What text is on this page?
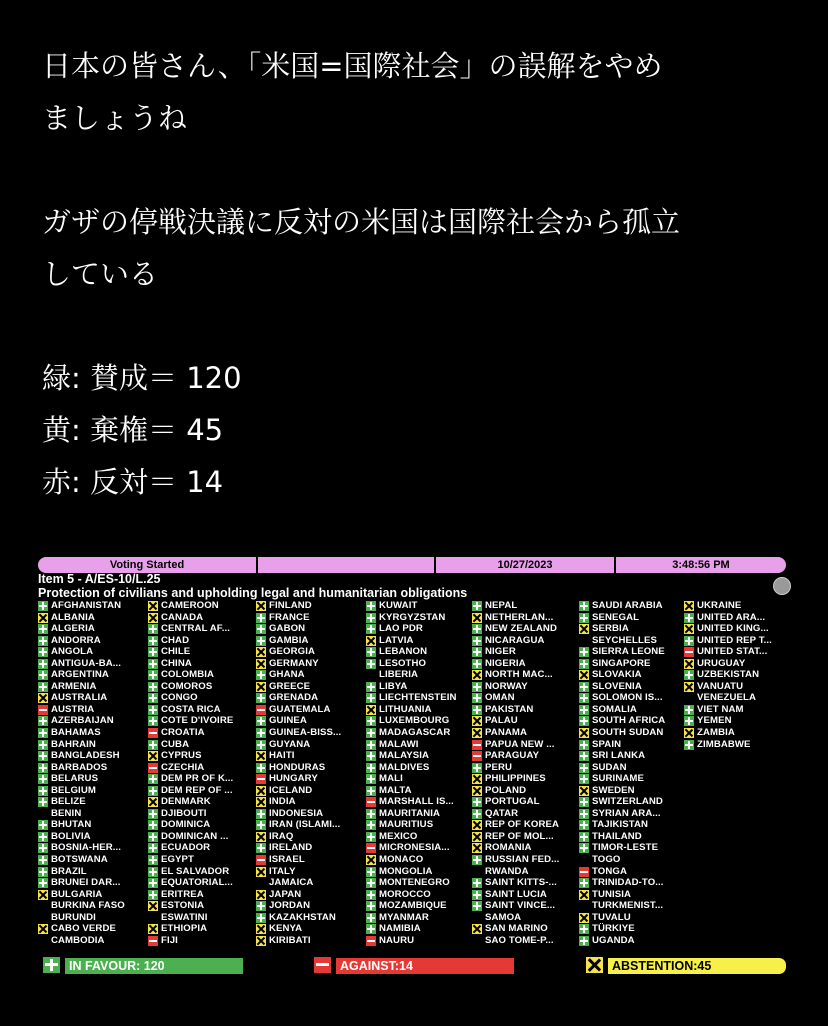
日本の皆さん、「米国=国際社会」の誤解をやめ

ましょうね

ガザの停戦決議に反対の米国は国際社会から孤立

している

緑: 賛成＝ 120

黄: 棄権＝ 45

赤: 反対＝ 14

Voting Started	10/27/2023	3:48:56 PM
Item 5 - A/ES-10/L.25
Protection of civilians and upholding legal and humanitarian obligations
AFGHANISTAN
ALBANIA
ALGERIA
ANDORRA
ANGOLA
ANTIGUA-BA...
ARGENTINA
ARMENIA
AUSTRALIA
AUSTRIA
AZERBAIJAN
BAHAMAS
BAHRAIN
BANGLADESH
BARBADOS
BELARUS
BELGIUM
BELIZE
BENIN
BHUTAN
BOLIVIA
BOSNIA-HER...
BOTSWANA
BRAZIL
BRUNEI DAR...
BULGARIA
BURKINA FASO
BURUNDI
CABO VERDE
CAMBODIA
CAMEROON
CANADA
CENTRAL AF...
CHAD
CHILE
CHINA
COLOMBIA
COMOROS
CONGO
COSTA RICA
COTE D'IVOIRE
CROATIA
CUBA
CYPRUS
CZECHIA
DEM PR OF K...
DEM REP OF ...
DENMARK
DJIBOUTI
DOMINICA
DOMINICAN ...
ECUADOR
EGYPT
EL SALVADOR
EQUATORIAL...
ERITREA
ESTONIA
ESWATINI
ETHIOPIA
FIJI
FINLAND
FRANCE
GABON
GAMBIA
GEORGIA
GERMANY
GHANA
GREECE
GRENADA
GUATEMALA
GUINEA
GUINEA-BISS...
GUYANA
HAITI
HONDURAS
HUNGARY
ICELAND
INDIA
INDONESIA
IRAN (ISLAMI...
IRAQ
IRELAND
ISRAEL
ITALY
JAMAICA
JAPAN
JORDAN
KAZAKHSTAN
KENYA
KIRIBATI
KUWAIT
KYRGYZSTAN
LAO PDR
LATVIA
LEBANON
LESOTHO
LIBERIA
LIBYA
LIECHTENSTEIN
LITHUANIA
LUXEMBOURG
MADAGASCAR
MALAWI
MALAYSIA
MALDIVES
MALI
MALTA
MARSHALL IS...
MAURITANIA
MAURITIUS
MEXICO
MICRONESIA...
MONACO
MONGOLIA
MONTENEGRO
MOROCCO
MOZAMBIQUE
MYANMAR
NAMIBIA
NAURU
NEPAL
NETHERLAN...
NEW ZEALAND
NICARAGUA
NIGER
NIGERIA
NORTH MAC...
NORWAY
OMAN
PAKISTAN
PALAU
PANAMA
PAPUA NEW ...
PARAGUAY
PERU
PHILIPPINES
POLAND
PORTUGAL
QATAR
REP OF KOREA
REP OF MOL...
ROMANIA
RUSSIAN FED...
RWANDA
SAINT KITTS-...
SAINT LUCIA
SAINT VINCE...
SAMOA
SAN MARINO
SAO TOME-P...
SAUDI ARABIA
SENEGAL
SERBIA
SEYCHELLES
SIERRA LEONE
SINGAPORE
SLOVAKIA
SLOVENIA
SOLOMON IS...
SOMALIA
SOUTH AFRICA
SOUTH SUDAN
SPAIN
SRI LANKA
SUDAN
SURINAME
SWEDEN
SWITZERLAND
SYRIAN ARA...
TAJIKISTAN
THAILAND
TIMOR-LESTE
TOGO
TONGA
TRINIDAD-TO...
TUNISIA
TURKMENIST...
TUVALU
TÜRKIYE
UGANDA
UKRAINE
UNITED ARA...
UNITED KING...
UNITED REP T...
UNITED STAT...
URUGUAY
UZBEKISTAN
VANUATU
VENEZUELA
VIET NAM
YEMEN
ZAMBIA
ZIMBABWE
IN FAVOUR: 120	AGAINST:14	ABSTENTION:45
